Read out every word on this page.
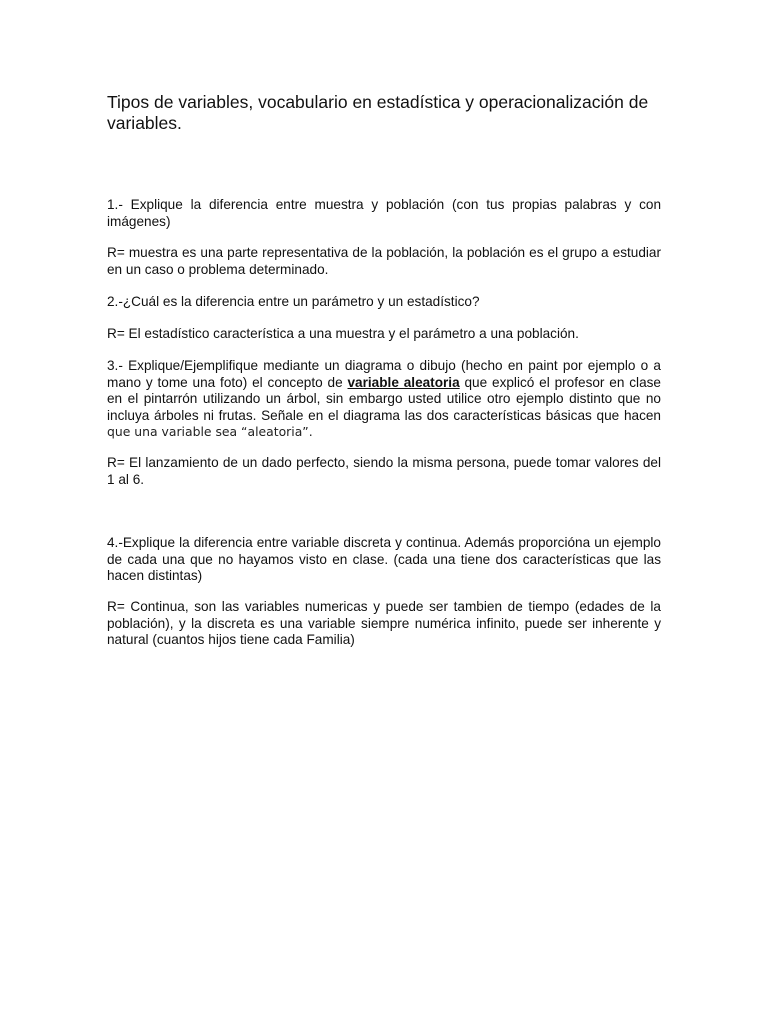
Tipos de variables, vocabulario en estadística y operacionalización de variables.

1.- Explique la diferencia entre muestra y población (con tus propias palabras y con imágenes)

R= muestra es una parte representativa de la población, la población es el grupo a estudiar en un caso o problema determinado.

2.-¿Cuál es la diferencia entre un parámetro y un estadístico?

R= El estadístico característica a una muestra y el parámetro a una población.

3.- Explique/Ejemplifique mediante un diagrama o dibujo (hecho en paint por ejemplo o a mano y tome una foto) el concepto de variable aleatoria que explicó el profesor en clase en el pintarrón utilizando un árbol, sin embargo usted utilice otro ejemplo distinto que no incluya árboles ni frutas. Señale en el diagrama las dos características básicas que hacen que una variable sea “aleatoria”.

R= El lanzamiento de un dado perfecto, siendo la misma persona, puede tomar valores del 1 al 6.

4.-Explique la diferencia entre variable discreta y continua. Además proporcióna un ejemplo de cada una que no hayamos visto en clase. (cada una tiene dos características que las hacen distintas)

R= Continua, son las variables numericas y puede ser tambien de tiempo (edades de la población), y la discreta es una variable siempre numérica infinito, puede ser inherente y natural (cuantos hijos tiene cada Familia)
